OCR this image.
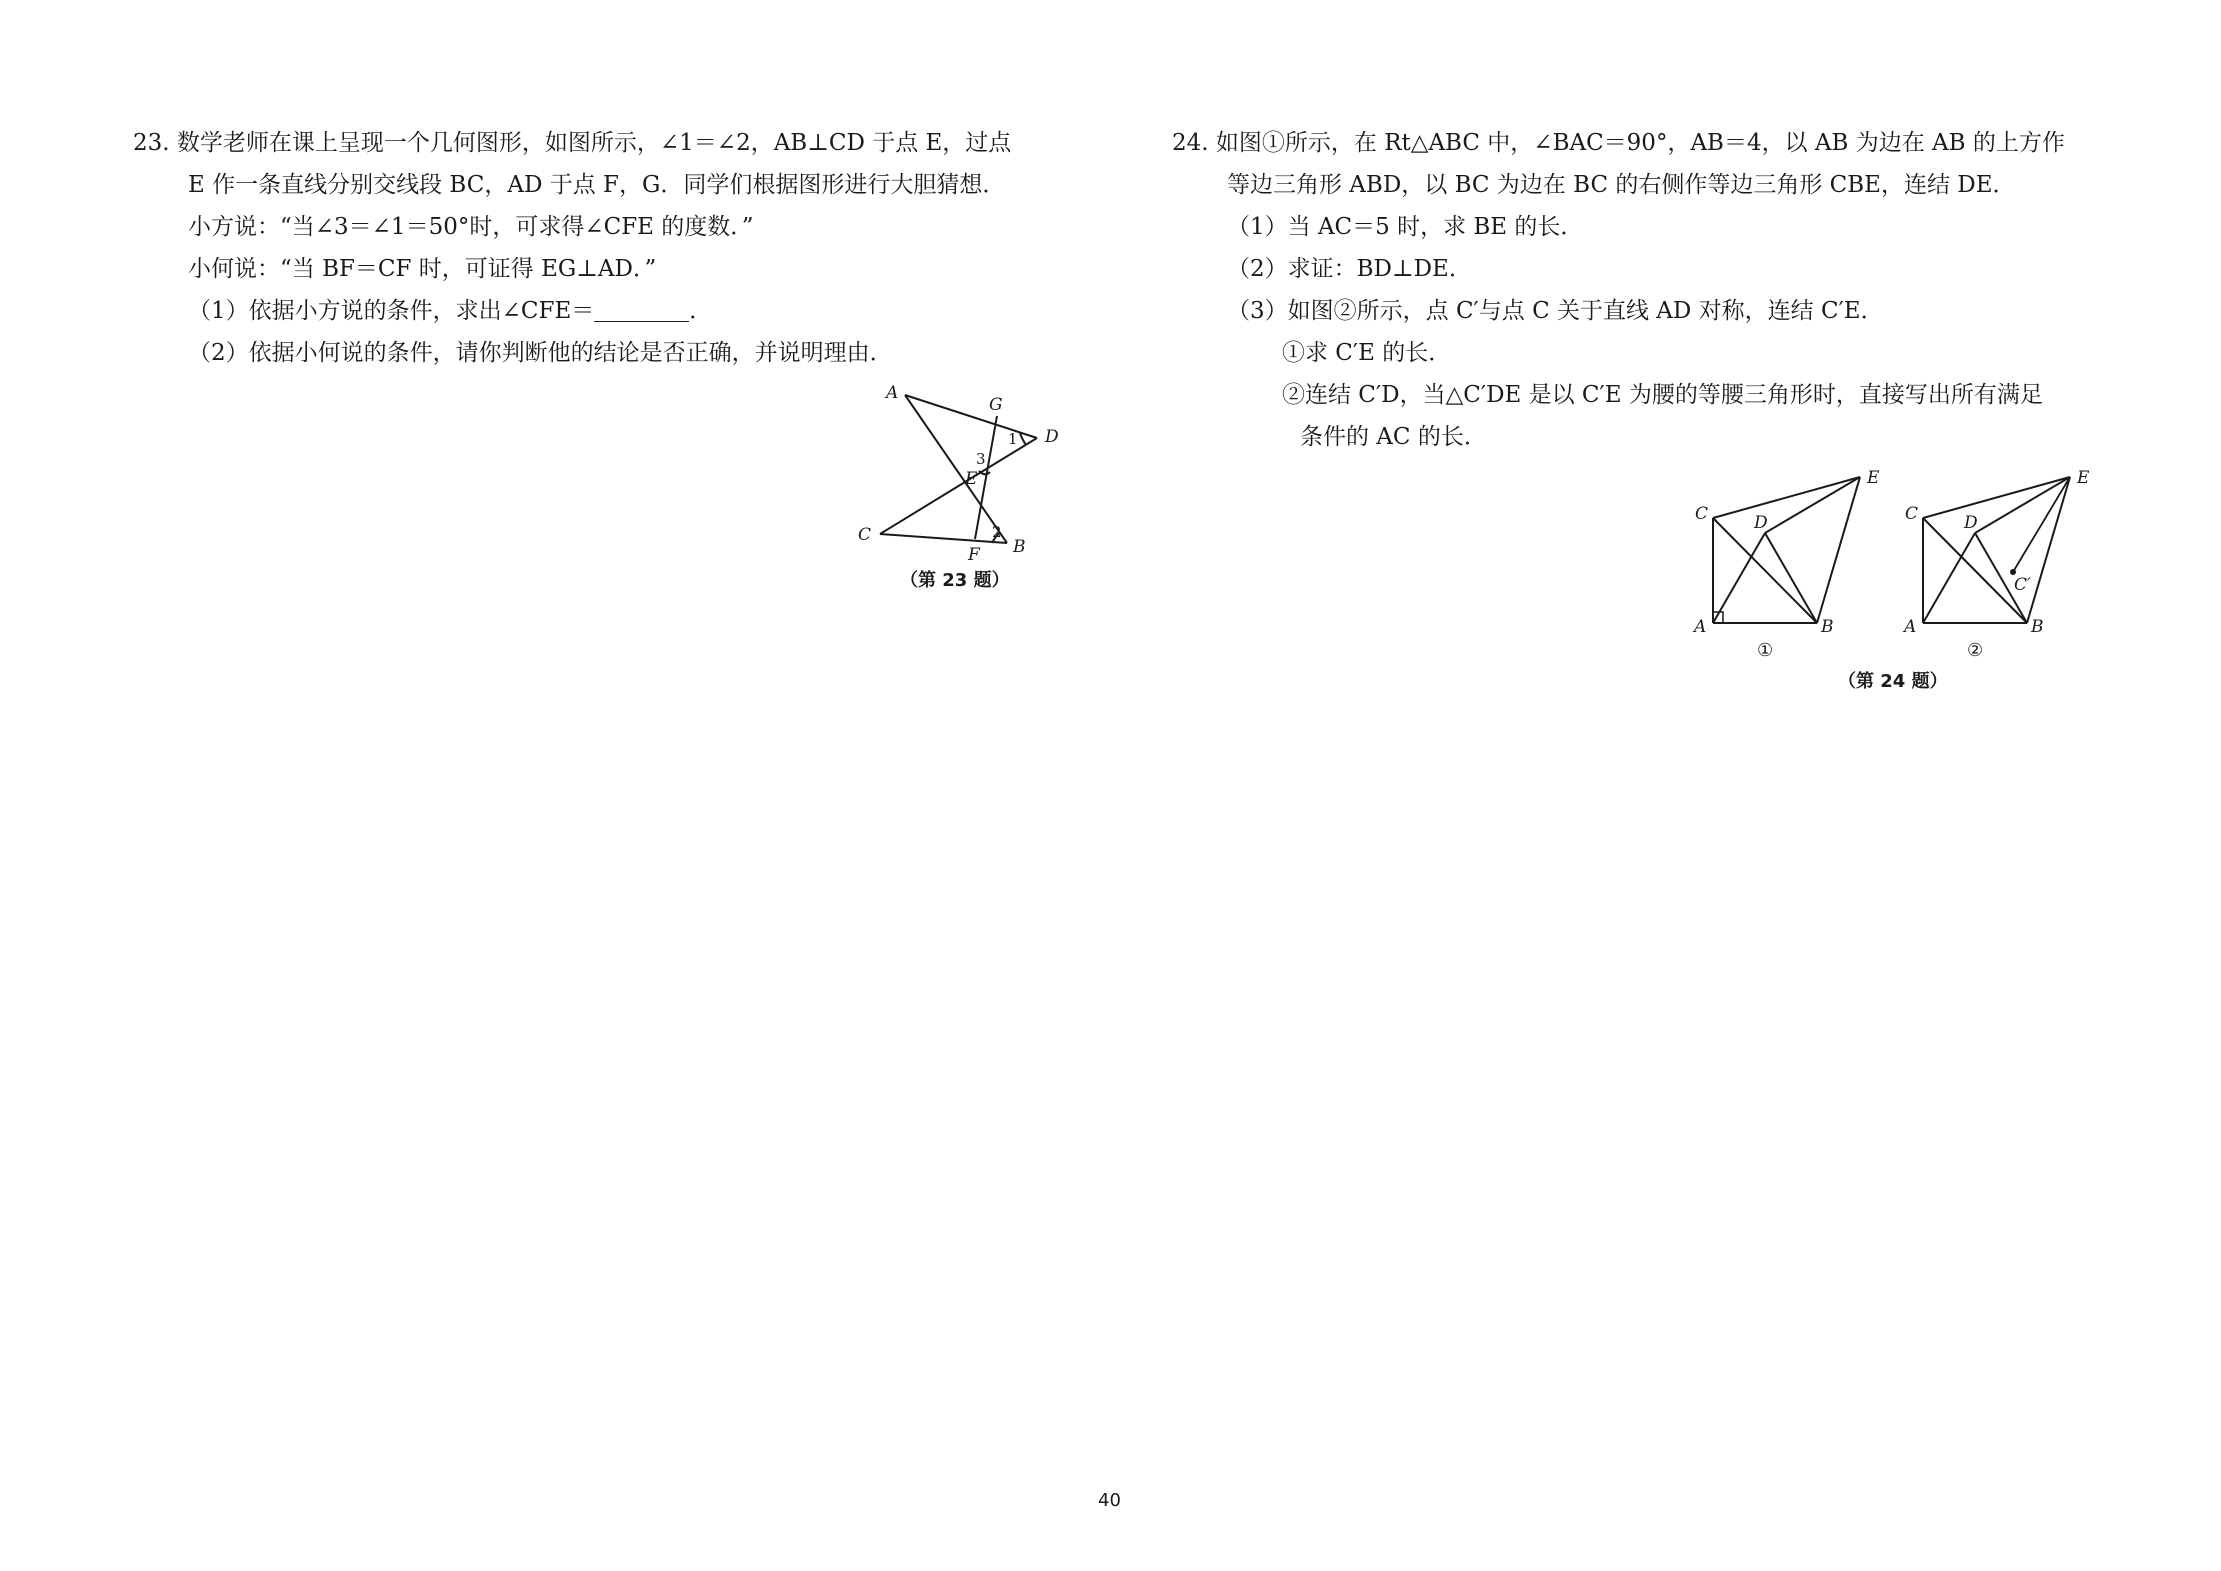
23. 数学老师在课上呈现一个几何图形，如图所示，∠1＝∠2，AB⊥CD 于点 E，过点
E 作一条直线分别交线段 BC，AD 于点 F，G．同学们根据图形进行大胆猜想．
小方说：“当∠3＝∠1＝50°时，可求得∠CFE 的度数．”
小何说：“当 BF＝CF 时，可证得 EG⊥AD．”
（1）依据小方说的条件，求出∠CFE＝	．
（2）依据小何说的条件，请你判断他的结论是否正确，并说明理由．
A
G
D
E
C
F B
1
2
3
（第 23 题）
24. 如图①所示，在 Rt△ABC 中，∠BAC＝90°，AB＝4，以 AB 为边在 AB 的上方作
等边三角形 ABD，以 BC 为边在 BC 的右侧作等边三角形 CBE，连结 DE．
（1）当 AC＝5 时，求 BE 的长．
（2）求证：BD⊥DE．
（3）如图②所示，点 C′与点 C 关于直线 AD 对称，连结 C′E．
①求 C′E 的长．
②连结 C′D，当△C′DE 是以 C′E 为腰的等腰三角形时，直接写出所有满足
条件的 AC 的长．
C	D
E
A	B
①
C	D
E
A	B
C′
②
（第 24 题）
40
